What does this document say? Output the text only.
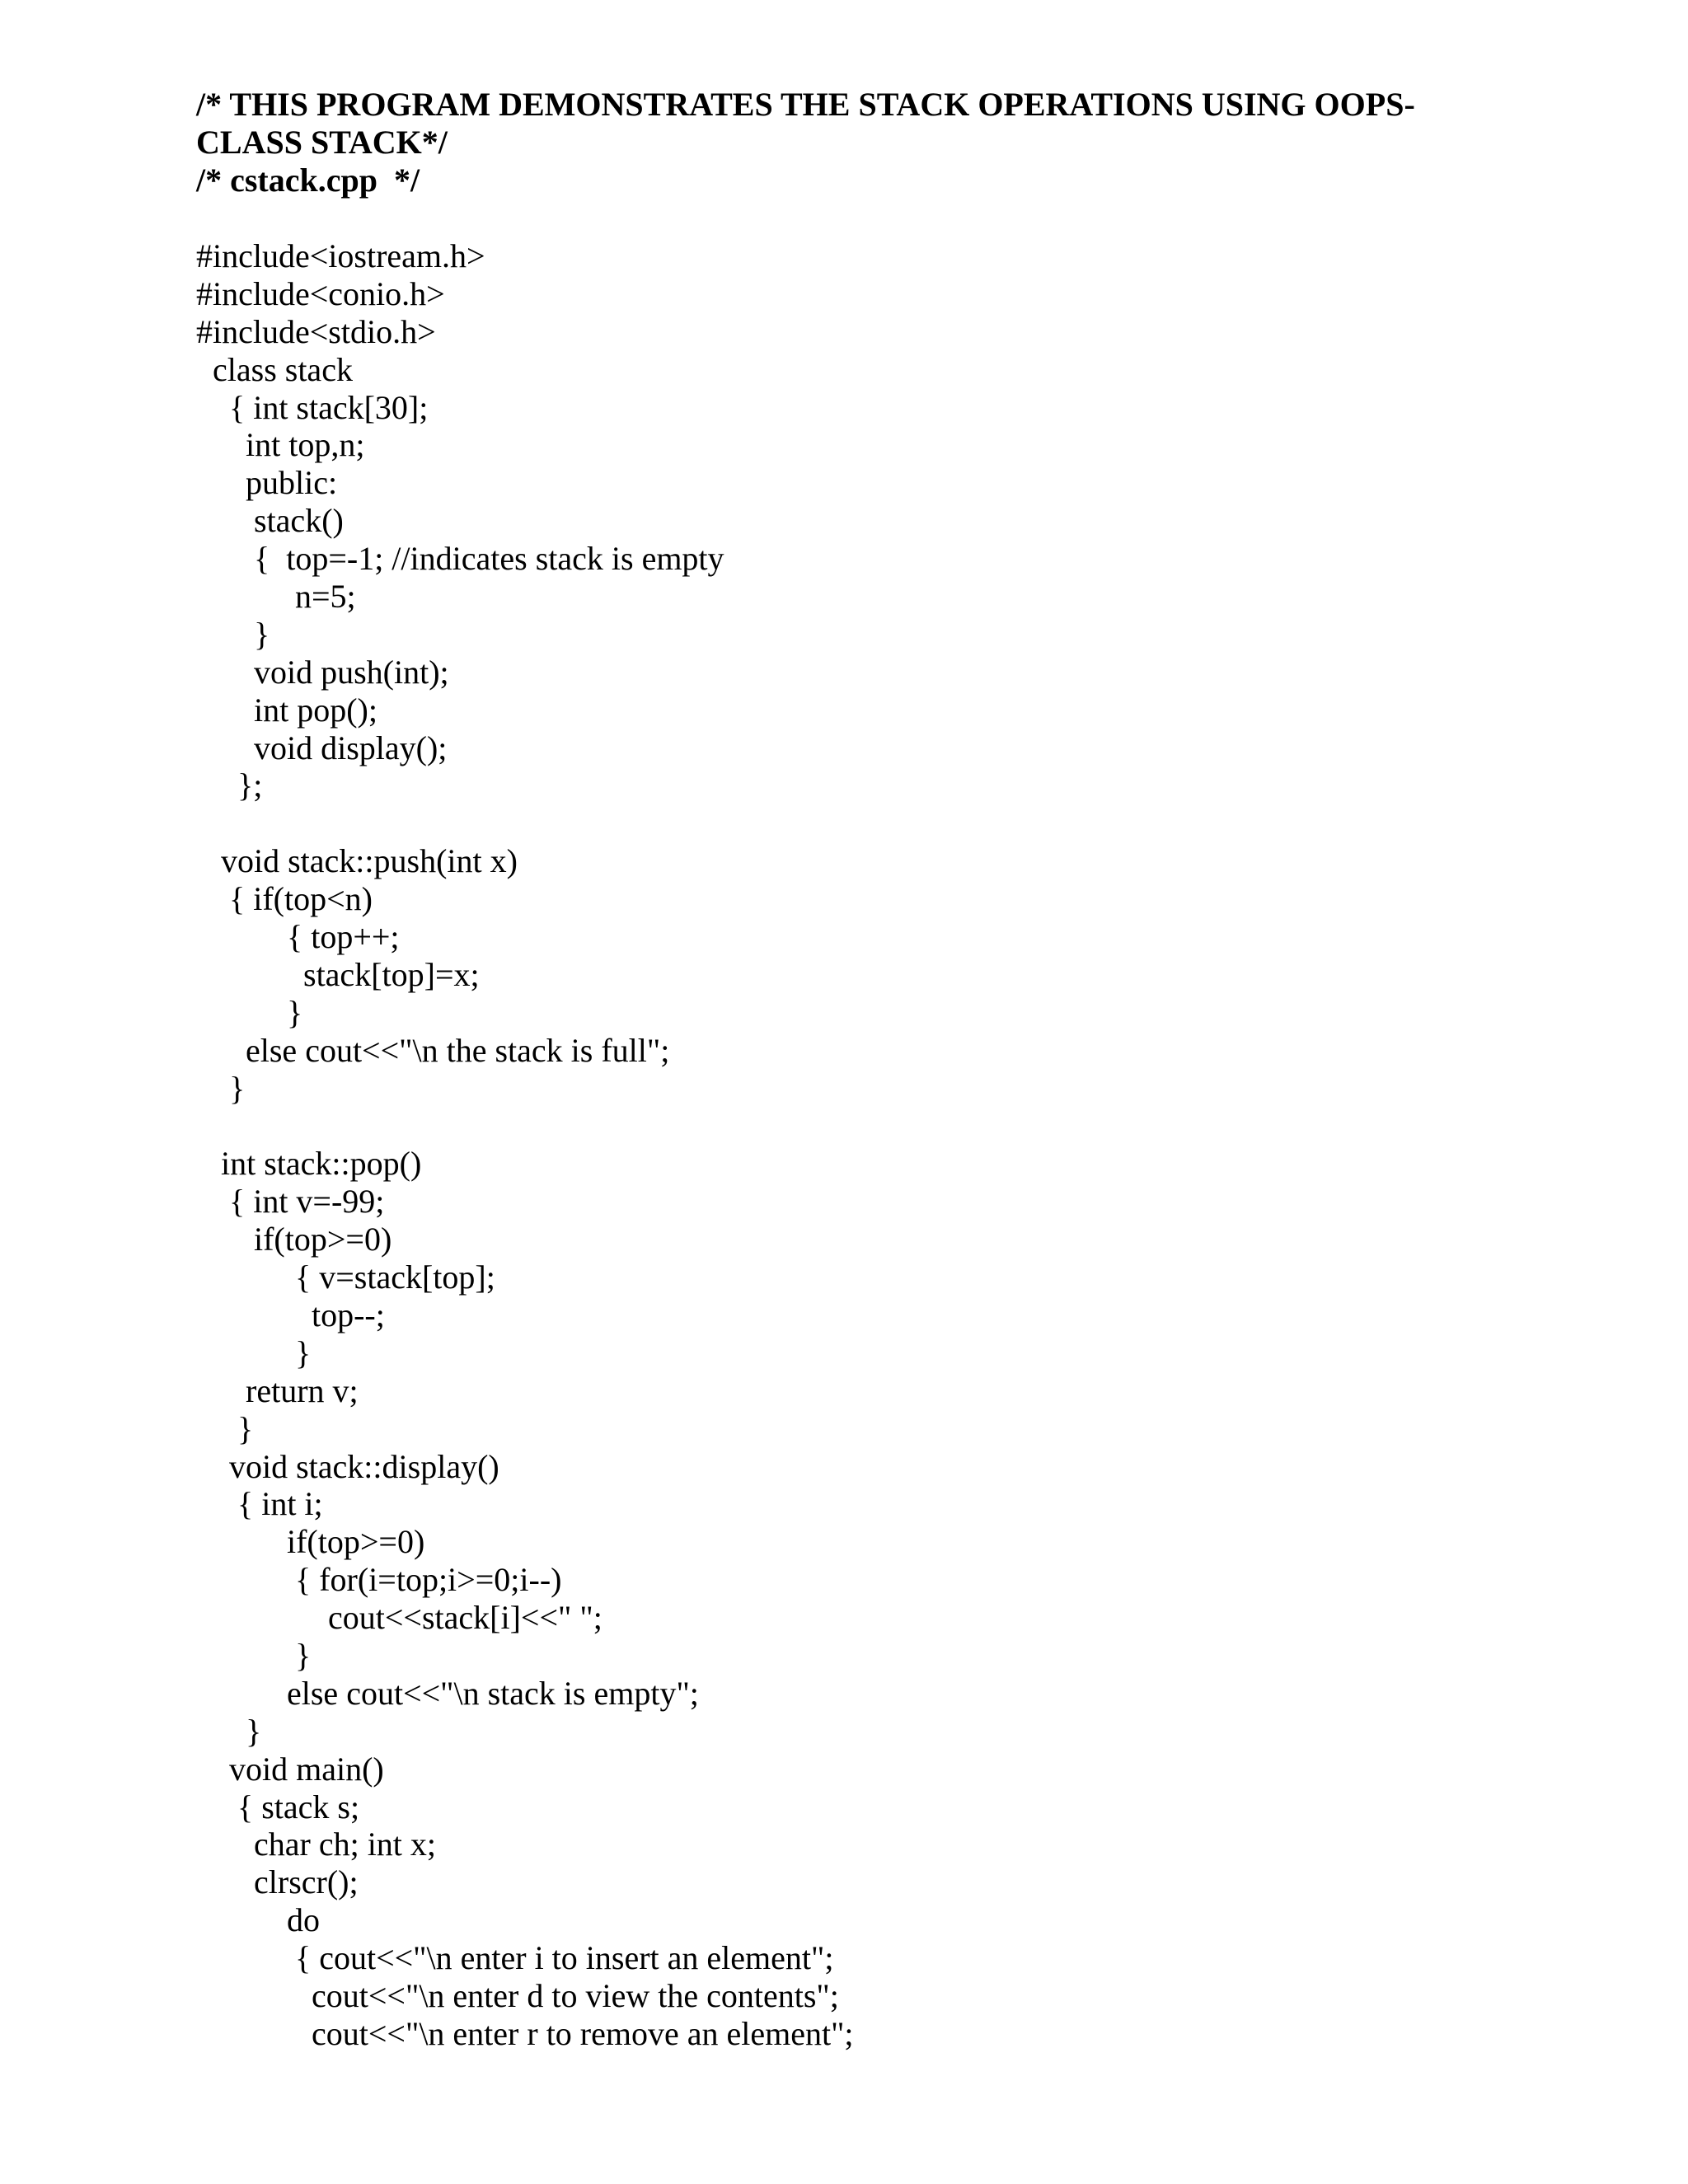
/* THIS PROGRAM DEMONSTRATES THE STACK OPERATIONS USING OOPS-
CLASS STACK*/
/* cstack.cpp  */
#include<iostream.h>
#include<conio.h>
#include<stdio.h>
class stack
{ int stack[30];
int top,n;
public:
stack()
{  top=-1; //indicates stack is empty
n=5;
}
void push(int);
int pop();
void display();
};
void stack::push(int x)
{ if(top<n)
{ top++;
stack[top]=x;
}
else cout<<"\n the stack is full";
}
int stack::pop()
{ int v=-99;
if(top>=0)
{ v=stack[top];
top--;
}
return v;
}
void stack::display()
{ int i;
if(top>=0)
{ for(i=top;i>=0;i--)
cout<<stack[i]<<" ";
}
else cout<<"\n stack is empty";
}
void main()
{ stack s;
char ch; int x;
clrscr();
do
{ cout<<"\n enter i to insert an element";
cout<<"\n enter d to view the contents";
cout<<"\n enter r to remove an element";
